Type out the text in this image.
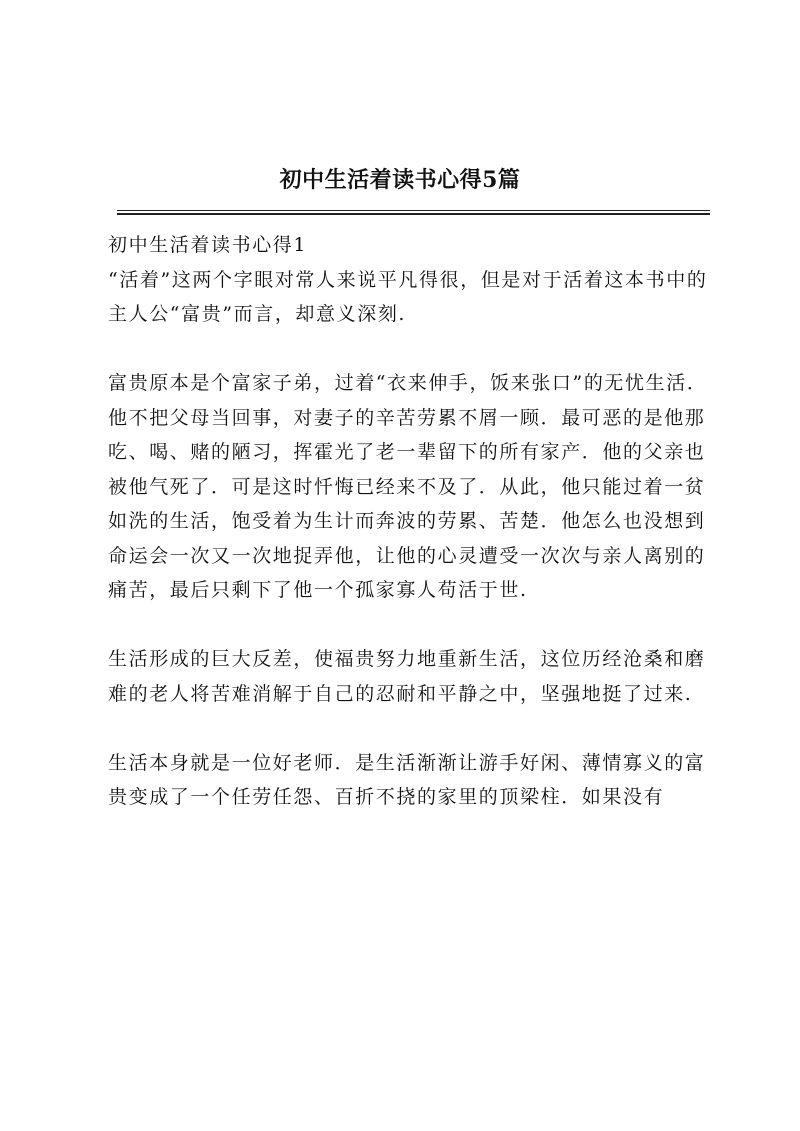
初中生活着读书心得5篇

初中生活着读书心得1

“活着”这两个字眼对常人来说平凡得很，但是对于活着这本书中的主人公“富贵”而言，却意义深刻.

富贵原本是个富家子弟，过着“衣来伸手，饭来张口”的无忧生活．他不把父母当回事，对妻子的辛苦劳累不屑一顾．最可恶的是他那吃、喝、赌的陋习，挥霍光了老一辈留下的所有家产．他的父亲也被他气死了．可是这时忏悔已经来不及了．从此，他只能过着一贫如洗的生活，饱受着为生计而奔波的劳累、苦楚．他怎么也没想到命运会一次又一次地捉弄他，让他的心灵遭受一次次与亲人离别的痛苦，最后只剩下了他一个孤家寡人苟活于世.

生活形成的巨大反差，使福贵努力地重新生活，这位历经沧桑和磨难的老人将苦难消解于自己的忍耐和平静之中，坚强地挺了过来.

生活本身就是一位好老师．是生活渐渐让游手好闲、薄情寡义的富贵变成了一个任劳任怨、百折不挠的家里的顶梁柱．如果没有
